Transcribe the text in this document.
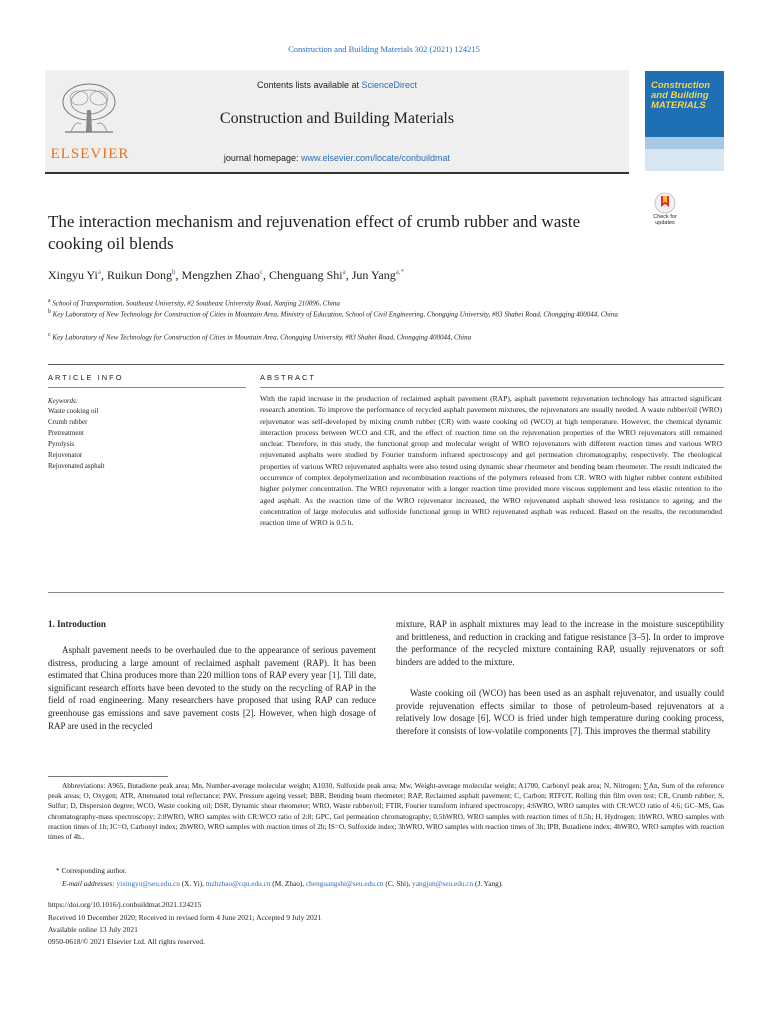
Construction and Building Materials 302 (2021) 124215
ELSEVIER
Contents lists available at ScienceDirect
Construction and Building Materials
journal homepage: www.elsevier.com/locate/conbuildmat
Construction and Building MATERIALS
Check for updates
The interaction mechanism and rejuvenation effect of crumb rubber and waste cooking oil blends
Xingyu Yi$^a$, Ruikun Dong$^b$, Mengzhen Zhao$^c$, Chenguang Shi$^a$, Jun Yang$^{a,*}$
$^a$ School of Transportation, Southeast University, #2 Southeast University Road, Nanjing 210096, China
$^b$ Key Laboratory of New Technology for Construction of Cities in Mountain Area, Ministry of Education, School of Civil Engineering, Chongqing University, #83 Shabei Road, Chongqing 400044, China
$^c$ Key Laboratory of New Technology for Construction of Cities in Mountain Area, Chongqing University, #83 Shabei Road, Chongqing 400044, China
ARTICLE INFO	ABSTRACT
Keywords:
Waste cooking oil
Crumb rubber
Pretreatment
Pyrolysis
Rejuvenator
Rejuvenated asphalt
With the rapid increase in the production of reclaimed asphalt pavement (RAP), asphalt pavement rejuvenation technology has attracted significant research attention. To improve the performance of recycled asphalt pavement mixtures, the rejuvenators are usually needed. A waste rubber/oil (WRO) rejuvenator was self-developed by mixing crumb rubber (CR) with waste cooking oil (WCO) at high temperature. However, the chemical dynamic interaction process between WCO and CR, and the effect of reaction time on the rejuvenation properties of the WRO rejuvenators still remained unclear. Therefore, in this study, the functional group and molecular weight of WRO rejuvenators with different reaction times and various WRO rejuvenated asphalts were studied by Fourier transform infrared spectroscopy and gel permeation chromatography, respectively. The rheological properties of various WRO rejuvenated asphalts were also tested using dynamic shear rheometer and bending beam rheometer. The result indicated the occurrence of complex depolymerization and recombination reactions of the polymers released from CR. WRO with higher rubber content exhibited higher polymer concentration. The WRO rejuvenator with a longer reaction time provided more viscous supplement and less elastic retention to the aged asphalt. As the reaction time of the WRO rejuvenator increased, the WRO rejuvenated asphalt showed less resistance to ageing, and the concentration of large molecules and sulfoxide functional group in WRO rejuvenated asphalt was reduced. Based on the results, the recommended reaction time of WRO is 0.5 h.
1. Introduction
Asphalt pavement needs to be overhauled due to the appearance of serious pavement distress, producing a large amount of reclaimed asphalt pavement (RAP). It has been estimated that China produces more than 220 million tons of RAP every year [1]. Till date, significant research efforts have been devoted to the study on the recycling of RAP in the field of road engineering. Many researchers have proposed that using RAP can reduce greenhouse gas emissions and save pavement costs [2]. However, when high dosage of RAP are used in the recycled
mixture, RAP in asphalt mixtures may lead to the increase in the moisture susceptibility and brittleness, and reduction in cracking and fatigue resistance [3–5]. In order to improve the performance of the recycled mixture containing RAP, usually rejuvenators or soft binders are added to the mixture.
Waste cooking oil (WCO) has been used as an asphalt rejuvenator, and usually could provide rejuvenation effects similar to those of petroleum-based rejuvenators at a relatively low dosage [6]. WCO is fried under high temperature during cooking process, therefore it consists of low-volatile components [7]. This improves the thermal stability
Abbreviations: A965, Butadiene peak area; Mn, Number-average molecular weight; A1030, Sulfoxide peak area; Mw, Weight-average molecular weight; A1700, Carbonyl peak area; N, Nitrogen; ∑An, Sum of the reference peak areas; O, Oxygen; ATR, Attenuated total reflectance; PAV, Pressure ageing vessel; BBR, Bending beam rheometer; RAP, Reclaimed asphalt pavement; C, Carbon; RTFOT, Rolling thin film oven test; CR, Crumb rubber; S, Sulfur; D, Dispersion degree; WCO, Waste cooking oil; DSR, Dynamic shear rheometer; WRO, Waste rubber/oil; FTIR, Fourier transform infrared spectroscopy; 4:6WRO, WRO samples with CR:WCO ratio of 4:6; GC–MS, Gas chromatography-mass spectroscopy; 2:8WRO, WRO samples with CR:WCO ratio of 2:8; GPC, Gel permeation chromatography; 0.5hWRO, WRO samples with reaction times of 0.5h; H, Hydrogen; 1hWRO, WRO samples with reaction times of 1h; IC=O, Carbonyl index; 2hWRO, WRO samples with reaction times of 2h; IS=O, Sulfoxide index; 3hWRO, WRO samples with reaction times of 3h; IPB, Butadiene index; 4hWRO, WRO samples with reaction times of 4h..
* Corresponding author.
E-mail addresses: yixingyu@seu.edu.cn (X. Yi), mzhzhao@cqu.edu.cn (M. Zhao), chenguangshi@seu.edu.cn (C. Shi), yangjun@seu.edu.cn (J. Yang).
https://doi.org/10.1016/j.conbuildmat.2021.124215
Received 10 December 2020; Received in revised form 4 June 2021; Accepted 9 July 2021
Available online 13 July 2021
0950-0618/© 2021 Elsevier Ltd. All rights reserved.
